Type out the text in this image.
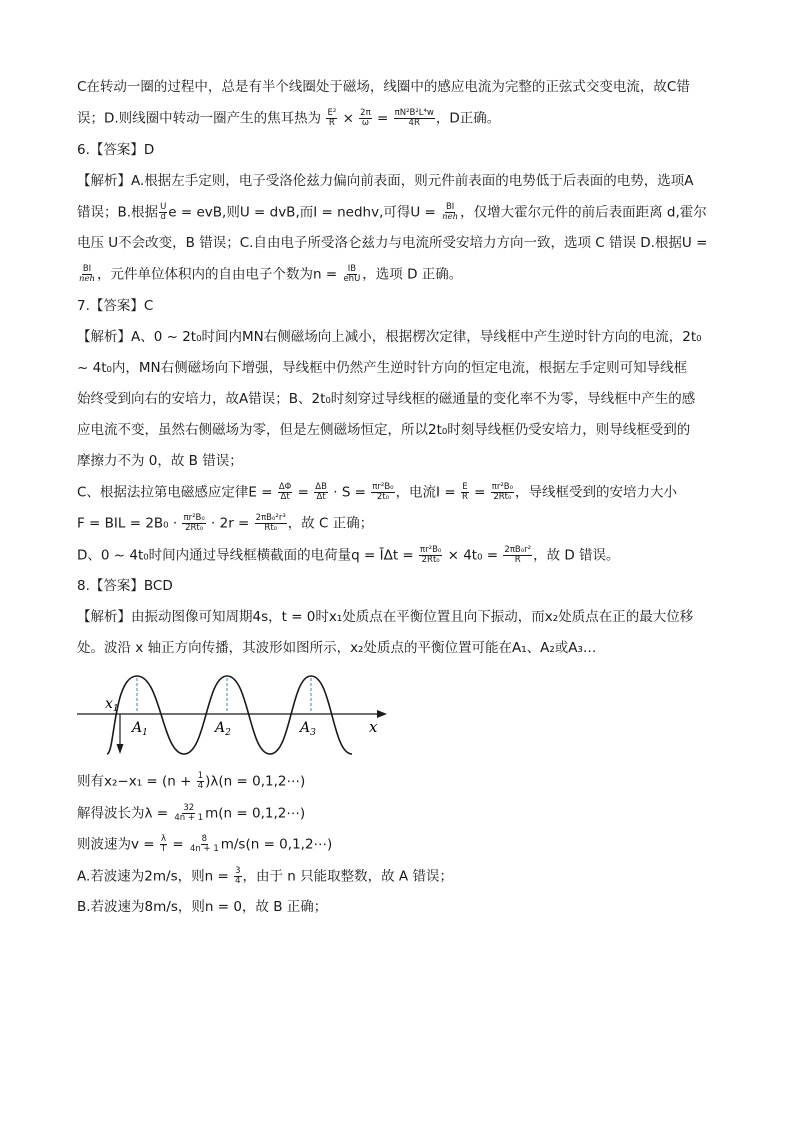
C在转动一圈的过程中，总是有半个线圈处于磁场，线圈中的感应电流为完整的正弦式交变电流，故C错

误；D.则线圈中转动一圈产生的焦耳热为 $\frac{\text{E²}}{R} \times \frac{2\pi}{\omega} = \frac{\text{πN²B²L⁴w}}{4R}$ ，D正确。

6.【答案】D

【解析】A.根据左手定则，电子受洛伦兹力偏向前表面，则元件前表面的电势低于后表面的电势，选项A

错误；B.根据 $\frac{U}{d}$ e = evB,则U = dvB,而I = nedhv,可得$U = \frac{BI}{\text{neh}}$ ，仅增大霍尔元件的前后表面距离 d,霍尔

电压 U不会改变，B 错误；C.自由电子所受洛仑兹力与电流所受安培力方向一致，选项 C 错误 D.根据U =

$\frac{BI}{\text{neh}}$ ，元件单位体积内的自由电子个数为$n = \frac{IB}{\text{ehU}}$ ，选项 D 正确。

7.【答案】C

【解析】A、0 ~ 2t₀时间内MN右侧磁场向上减小，根据楞次定律，导线框中产生逆时针方向的电流，2t₀

~ 4t₀内，MN右侧磁场向下增强，导线框中仍然产生逆时针方向的恒定电流，根据左手定则可知导线框

始终受到向右的安培力，故A错误；B、2t₀时刻穿过导线框的磁通量的变化率不为零，导线框中产生的感

应电流不变，虽然右侧磁场为零，但是左侧磁场恒定，所以2t₀时刻导线框仍受安培力，则导线框受到的

摩擦力不为 0，故 B 错误；

C、根据法拉第电磁感应定律$E = \frac{\Delta\Phi}{\Delta t} = \frac{\Delta B}{\Delta t} \cdot S = \frac{\text{πr²B₀}}{\text{2t₀}}$ ，电流$I = \frac{E}{R} = \frac{\text{πr²B₀}}{\text{2Rt₀}}$ ，导线框受到的安培力大小

F = BIL = $2B_0 \cdot \frac{\text{πr²B₀}}{\text{2Rt₀}} \cdot 2r = \frac{\text{2πB₀²r³}}{\text{Rt₀}}$ ，故 C 正确；

D、0 ~ 4t₀时间内通过导线框横截面的电荷量q = ĪΔt = $\frac{\text{πr²B₀}}{\text{2Rt₀}} \times 4t_0 = \frac{\text{2πB₀r²}}{R}$ ，故 D 错误。

8.【答案】BCD

【解析】由振动图像可知周期4s，t = 0时x₁处质点在平衡位置且向下振动，而x₂处质点在正的最大位移

处。波沿 x 轴正方向传播，其波形如图所示，x₂处质点的平衡位置可能在A₁、A₂或A₃…

$x_1$
$A_1$	$A_2$	$A_3$	x

则有$x_2-x_1 = (n + \frac{1}{4} )\lambda(n$ = 0,1,2⋯)

解得波长为$\lambda = \frac{32}{4n + 1} m(n$ = 0,1,2⋯)

则波速为$v = \frac{\lambda}{T} = \frac{8}{4n + 1} m/s(n$ = 0,1,2⋯)

A.若波速为2m/s，则$n = \frac{3}{4}$ ，由于 n 只能取整数，故 A 错误；

B.若波速为8m/s，则n = 0，故 B 正确；
